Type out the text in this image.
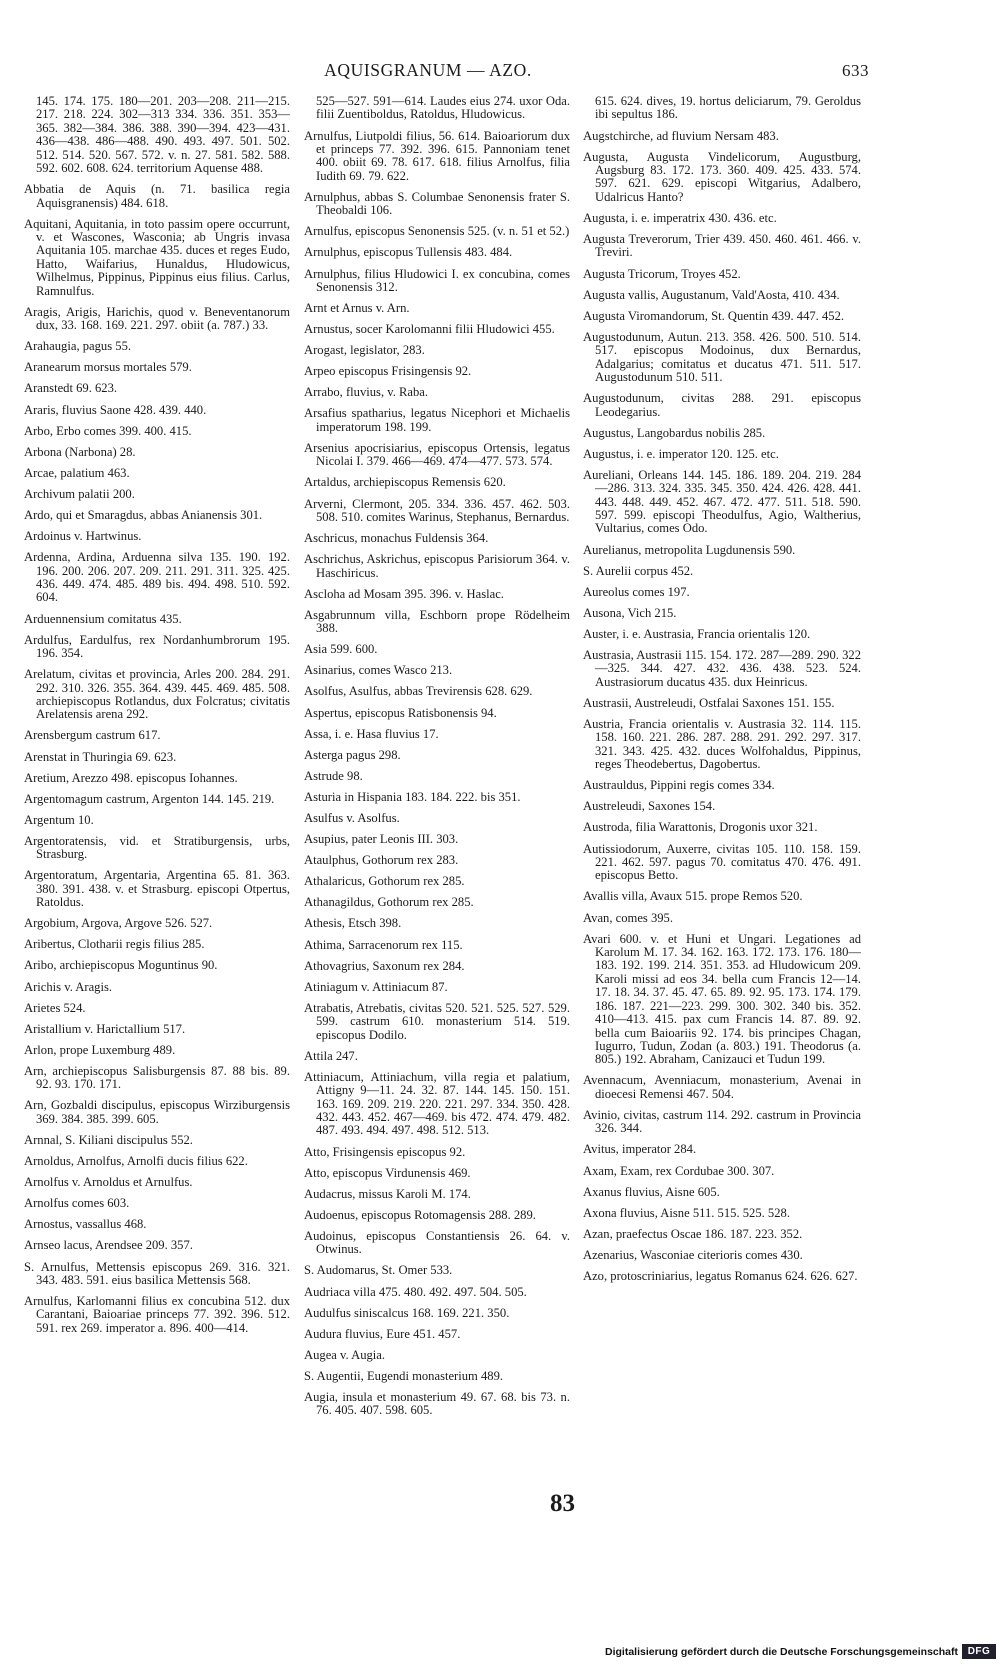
AQUISGRANUM — AZO.	633

145. 174. 175. 180—201. 203—208. 211—215. 217. 218. 224. 302—313 334. 336. 351. 353—365. 382—384. 386. 388. 390—394. 423—431. 436—438. 486—488. 490. 493. 497. 501. 502. 512. 514. 520. 567. 572. v. n. 27. 581. 582. 588. 592. 602. 608. 624. territorium Aquense 488.

Abbatia de Aquis (n. 71. basilica regia Aquisgranensis) 484. 618.

Aquitani, Aquitania, in toto passim opere occurrunt, v. et Wascones, Wasconia; ab Ungris invasa Aquitania 105. marchae 435. duces et reges Eudo, Hatto, Waifarius, Hunaldus, Hludowicus, Wilhelmus, Pippinus, Pippinus eius filius. Carlus, Ramnulfus.

Aragis, Arigis, Harichis, quod v. Beneventanorum dux, 33. 168. 169. 221. 297. obiit (a. 787.) 33.

Arahaugia, pagus 55.

Aranearum morsus mortales 579.

Aranstedt 69. 623.

Araris, fluvius Saone 428. 439. 440.

Arbo, Erbo comes 399. 400. 415.

Arbona (Narbona) 28.

Arcae, palatium 463.

Archivum palatii 200.

Ardo, qui et Smaragdus, abbas Anianensis 301.

Ardoinus v. Hartwinus.

Ardenna, Ardina, Arduenna silva 135. 190. 192. 196. 200. 206. 207. 209. 211. 291. 311. 325. 425. 436. 449. 474. 485. 489 bis. 494. 498. 510. 592. 604.

Arduennensium comitatus 435.

Ardulfus, Eardulfus, rex Nordanhumbrorum 195. 196. 354.

Arelatum, civitas et provincia, Arles 200. 284. 291. 292. 310. 326. 355. 364. 439. 445. 469. 485. 508. archiepiscopus Rotlandus, dux Folcratus; civitatis Arelatensis arena 292.

Arensbergum castrum 617.

Arenstat in Thuringia 69. 623.

Aretium, Arezzo 498. episcopus Iohannes.

Argentomagum castrum, Argenton 144. 145. 219.

Argentum 10.

Argentoratensis, vid. et Stratiburgensis, urbs, Strasburg.

Argentoratum, Argentaria, Argentina 65. 81. 363. 380. 391. 438. v. et Strasburg. episcopi Otpertus, Ratoldus.

Argobium, Argova, Argove 526. 527.

Aribertus, Clotharii regis filius 285.

Aribo, archiepiscopus Moguntinus 90.

Arichis v. Aragis.

Arietes 524.

Aristallium v. Harictallium 517.

Arlon, prope Luxemburg 489.

Arn, archiepiscopus Salisburgensis 87. 88 bis. 89. 92. 93. 170. 171.

Arn, Gozbaldi discipulus, episcopus Wirziburgensis 369. 384. 385. 399. 605.

Arnnal, S. Kiliani discipulus 552.

Arnoldus, Arnolfus, Arnolfi ducis filius 622.

Arnolfus v. Arnoldus et Arnulfus.

Arnolfus comes 603.

Arnostus, vassallus 468.

Arnseo lacus, Arendsee 209. 357.

S. Arnulfus, Mettensis episcopus 269. 316. 321. 343. 483. 591. eius basilica Mettensis 568.

Arnulfus, Karlomanni filius ex concubina 512. dux Carantani, Baioariae princeps 77. 392. 396. 512. 591. rex 269. imperator a. 896. 400—414.

525—527. 591—614. Laudes eius 274. uxor Oda. filii Zuentiboldus, Ratoldus, Hludowicus.

Arnulfus, Liutpoldi filius, 56. 614. Baioariorum dux et princeps 77. 392. 396. 615. Pannoniam tenet 400. obiit 69. 78. 617. 618. filius Arnolfus, filia Iudith 69. 79. 622.

Arnulphus, abbas S. Columbae Senonensis frater S. Theobaldi 106.

Arnulfus, episcopus Senonensis 525. (v. n. 51 et 52.)

Arnulphus, episcopus Tullensis 483. 484.

Arnulphus, filius Hludowici I. ex concubina, comes Senonensis 312.

Arnt et Arnus v. Arn.

Arnustus, socer Karolomanni filii Hludowici 455.

Arogast, legislator, 283.

Arpeo episcopus Frisingensis 92.

Arrabo, fluvius, v. Raba.

Arsafius spatharius, legatus Nicephori et Michaelis imperatorum 198. 199.

Arsenius apocrisiarius, episcopus Ortensis, legatus Nicolai I. 379. 466—469. 474—477. 573. 574.

Artaldus, archiepiscopus Remensis 620.

Arverni, Clermont, 205. 334. 336. 457. 462. 503. 508. 510. comites Warinus, Stephanus, Bernardus.

Aschricus, monachus Fuldensis 364.

Aschrichus, Askrichus, episcopus Parisiorum 364. v. Haschiricus.

Ascloha ad Mosam 395. 396. v. Haslac.

Asgabrunnum villa, Eschborn prope Rödelheim 388.

Asia 599. 600.

Asinarius, comes Wasco 213.

Asolfus, Asulfus, abbas Trevirensis 628. 629.

Aspertus, episcopus Ratisbonensis 94.

Assa, i. e. Hasa fluvius 17.

Asterga pagus 298.

Astrude 98.

Asturia in Hispania 183. 184. 222. bis 351.

Asulfus v. Asolfus.

Asupius, pater Leonis III. 303.

Ataulphus, Gothorum rex 283.

Athalaricus, Gothorum rex 285.

Athanagildus, Gothorum rex 285.

Athesis, Etsch 398.

Athima, Sarracenorum rex 115.

Athovagrius, Saxonum rex 284.

Atiniagum v. Attiniacum 87.

Atrabatis, Atrebatis, civitas 520. 521. 525. 527. 529. 599. castrum 610. monasterium 514. 519. episcopus Dodilo.

Attila 247.

Attiniacum, Attiniachum, villa regia et palatium, Attigny 9—11. 24. 32. 87. 144. 145. 150. 151. 163. 169. 209. 219. 220. 221. 297. 334. 350. 428. 432. 443. 452. 467—469. bis 472. 474. 479. 482. 487. 493. 494. 497. 498. 512. 513.

Atto, Frisingensis episcopus 92.

Atto, episcopus Virdunensis 469.

Audacrus, missus Karoli M. 174.

Audoenus, episcopus Rotomagensis 288. 289.

Audoinus, episcopus Constantiensis 26. 64. v. Otwinus.

S. Audomarus, St. Omer 533.

Audriaca villa 475. 480. 492. 497. 504. 505.

Audulfus siniscalcus 168. 169. 221. 350.

Audura fluvius, Eure 451. 457.

Augea v. Augia.

S. Augentii, Eugendi monasterium 489.

Augia, insula et monasterium 49. 67. 68. bis 73. n. 76. 405. 407. 598. 605.

615. 624. dives, 19. hortus deliciarum, 79. Geroldus ibi sepultus 186.

Augstchirche, ad fluvium Nersam 483.

Augusta, Augusta Vindelicorum, Augustburg, Augsburg 83. 172. 173. 360. 409. 425. 433. 574. 597. 621. 629. episcopi Witgarius, Adalbero, Udalricus Hanto?

Augusta, i. e. imperatrix 430. 436. etc.

Augusta Treverorum, Trier 439. 450. 460. 461. 466. v. Treviri.

Augusta Tricorum, Troyes 452.

Augusta vallis, Augustanum, Vald'Aosta, 410. 434.

Augusta Viromandorum, St. Quentin 439. 447. 452.

Augustodunum, Autun. 213. 358. 426. 500. 510. 514. 517. episcopus Modoinus, dux Bernardus, Adalgarius; comitatus et ducatus 471. 511. 517. Augustodunum 510. 511.

Augustodunum, civitas 288. 291. episcopus Leodegarius.

Augustus, Langobardus nobilis 285.

Augustus, i. e. imperator 120. 125. etc.

Aureliani, Orleans 144. 145. 186. 189. 204. 219. 284—286. 313. 324. 335. 345. 350. 424. 426. 428. 441. 443. 448. 449. 452. 467. 472. 477. 511. 518. 590. 597. 599. episcopi Theodulfus, Agio, Waltherius, Vultarius, comes Odo.

Aurelianus, metropolita Lugdunensis 590.

S. Aurelii corpus 452.

Aureolus comes 197.

Ausona, Vich 215.

Auster, i. e. Austrasia, Francia orientalis 120.

Austrasia, Austrasii 115. 154. 172. 287—289. 290. 322—325. 344. 427. 432. 436. 438. 523. 524. Austrasiorum ducatus 435. dux Heinricus.

Austrasii, Austreleudi, Ostfalai Saxones 151. 155.

Austria, Francia orientalis v. Austrasia 32. 114. 115. 158. 160. 221. 286. 287. 288. 291. 292. 297. 317. 321. 343. 425. 432. duces Wolfohaldus, Pippinus, reges Theodebertus, Dagobertus.

Austrauldus, Pippini regis comes 334.

Austreleudi, Saxones 154.

Austroda, filia Warattonis, Drogonis uxor 321.

Autissiodorum, Auxerre, civitas 105. 110. 158. 159. 221. 462. 597. pagus 70. comitatus 470. 476. 491. episcopus Betto.

Avallis villa, Avaux 515. prope Remos 520.

Avan, comes 395.

Avari 600. v. et Huni et Ungari. Legationes ad Karolum M. 17. 34. 162. 163. 172. 173. 176. 180—183. 192. 199. 214. 351. 353. ad Hludowicum 209. Karoli missi ad eos 34. bella cum Francis 12—14. 17. 18. 34. 37. 45. 47. 65. 89. 92. 95. 173. 174. 179. 186. 187. 221—223. 299. 300. 302. 340 bis. 352. 410—413. 415. pax cum Francis 14. 87. 89. 92. bella cum Baioariis 92. 174. bis principes Chagan, Iugurro, Tudun, Zodan (a. 803.) 191. Theodorus (a. 805.) 192. Abraham, Canizauci et Tudun 199.

Avennacum, Avenniacum, monasterium, Avenai in dioecesi Remensi 467. 504.

Avinio, civitas, castrum 114. 292. castrum in Provincia 326. 344.

Avitus, imperator 284.

Axam, Exam, rex Cordubae 300. 307.

Axanus fluvius, Aisne 605.

Axona fluvius, Aisne 511. 515. 525. 528.

Azan, praefectus Oscae 186. 187. 223. 352.

Azenarius, Wasconiae citerioris comes 430.

Azo, protoscriniarius, legatus Romanus 624. 626. 627.

83
Digitalisierung gefördert durch die Deutsche Forschungsgemeinschaft DFG
